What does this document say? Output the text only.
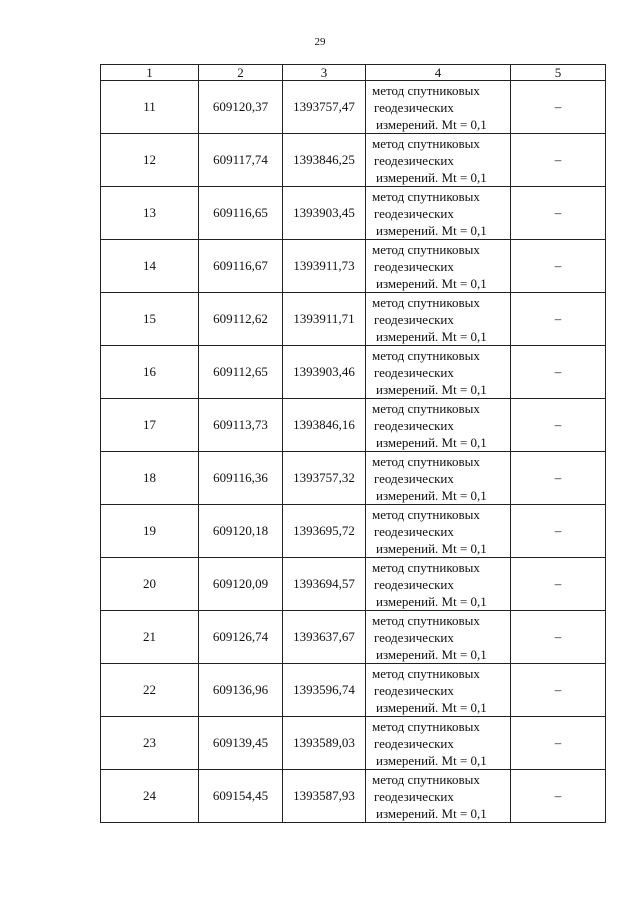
29
1	2	3	4	5
11	609120,37	1393757,47	метод спутниковых
геодезических
измерений. Mt = 0,1	–
12	609117,74	1393846,25	метод спутниковых
геодезических
измерений. Mt = 0,1	–
13	609116,65	1393903,45	метод спутниковых
геодезических
измерений. Mt = 0,1	–
14	609116,67	1393911,73	метод спутниковых
геодезических
измерений. Mt = 0,1	–
15	609112,62	1393911,71	метод спутниковых
геодезических
измерений. Mt = 0,1	–
16	609112,65	1393903,46	метод спутниковых
геодезических
измерений. Mt = 0,1	–
17	609113,73	1393846,16	метод спутниковых
геодезических
измерений. Mt = 0,1	–
18	609116,36	1393757,32	метод спутниковых
геодезических
измерений. Mt = 0,1	–
19	609120,18	1393695,72	метод спутниковых
геодезических
измерений. Mt = 0,1	–
20	609120,09	1393694,57	метод спутниковых
геодезических
измерений. Mt = 0,1	–
21	609126,74	1393637,67	метод спутниковых
геодезических
измерений. Mt = 0,1	–
22	609136,96	1393596,74	метод спутниковых
геодезических
измерений. Mt = 0,1	–
23	609139,45	1393589,03	метод спутниковых
геодезических
измерений. Mt = 0,1	–
24	609154,45	1393587,93	метод спутниковых
геодезических
измерений. Mt = 0,1	–
